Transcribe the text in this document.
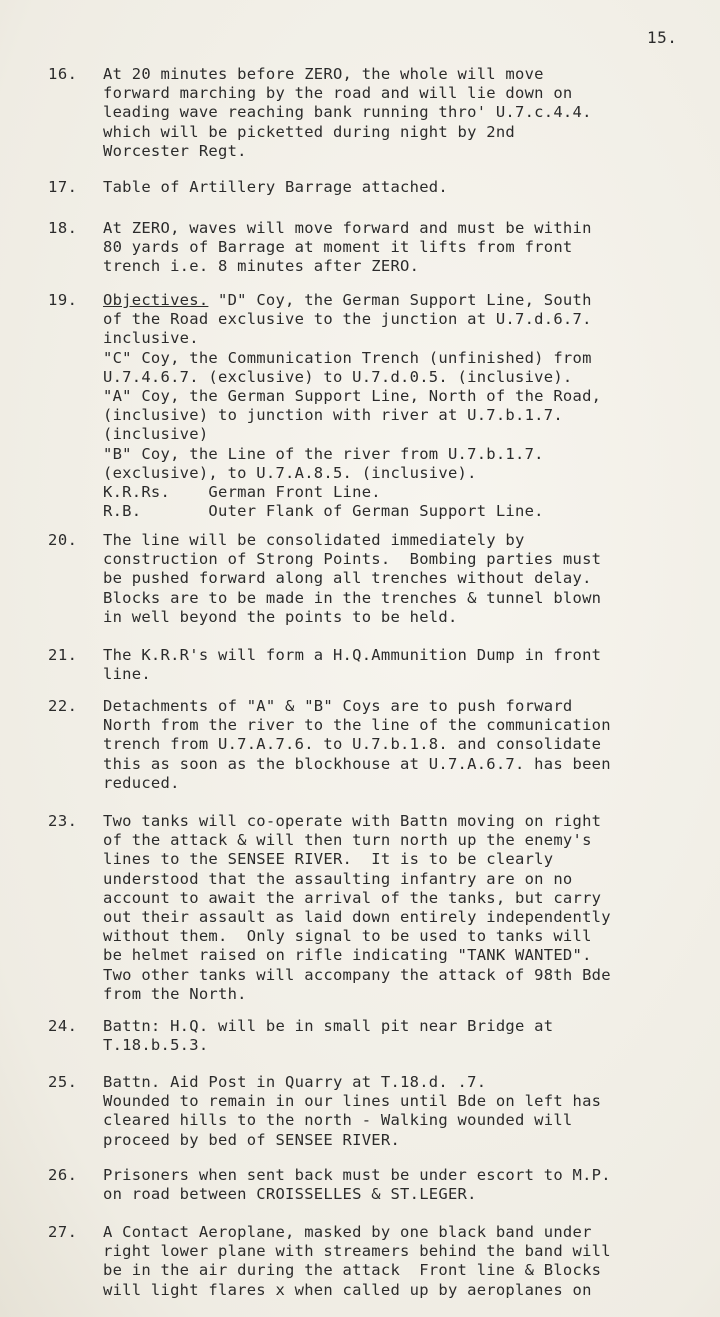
15.
16. At 20 minutes before ZERO, the whole will move
forward marching by the road and will lie down on
leading wave reaching bank running thro' U.7.c.4.4.
which will be picketted during night by 2nd
Worcester Regt.
17. Table of Artillery Barrage attached.
18. At ZERO, waves will move forward and must be within
80 yards of Barrage at moment it lifts from front
trench i.e. 8 minutes after ZERO.
19. Objectives. "D" Coy, the German Support Line, South
of the Road exclusive to the junction at U.7.d.6.7.
inclusive.
"C" Coy, the Communication Trench (unfinished) from
U.7.4.6.7. (exclusive) to U.7.d.0.5. (inclusive).
"A" Coy, the German Support Line, North of the Road,
(inclusive) to junction with river at U.7.b.1.7.
(inclusive)
"B" Coy, the Line of the river from U.7.b.1.7.
(exclusive), to U.7.A.8.5. (inclusive).
K.R.Rs.    German Front Line.
R.B.       Outer Flank of German Support Line.
20. The line will be consolidated immediately by
construction of Strong Points.  Bombing parties must
be pushed forward along all trenches without delay.
Blocks are to be made in the trenches & tunnel blown
in well beyond the points to be held.
21. The K.R.R's will form a H.Q.Ammunition Dump in front
line.
22. Detachments of "A" & "B" Coys are to push forward
North from the river to the line of the communication
trench from U.7.A.7.6. to U.7.b.1.8. and consolidate
this as soon as the blockhouse at U.7.A.6.7. has been
reduced.
23. Two tanks will co-operate with Battn moving on right
of the attack & will then turn north up the enemy's
lines to the SENSEE RIVER.  It is to be clearly
understood that the assaulting infantry are on no
account to await the arrival of the tanks, but carry
out their assault as laid down entirely independently
without them.  Only signal to be used to tanks will
be helmet raised on rifle indicating "TANK WANTED".
Two other tanks will accompany the attack of 98th Bde
from the North.
24. Battn: H.Q. will be in small pit near Bridge at
T.18.b.5.3.
25. Battn. Aid Post in Quarry at T.18.d. .7.
Wounded to remain in our lines until Bde on left has
cleared hills to the north - Walking wounded will
proceed by bed of SENSEE RIVER.
26. Prisoners when sent back must be under escort to M.P.
on road between CROISSELLES & ST.LEGER.
27. A Contact Aeroplane, masked by one black band under
right lower plane with streamers behind the band will
be in the air during the attack  Front line & Blocks
will light flares x when called up by aeroplanes on
